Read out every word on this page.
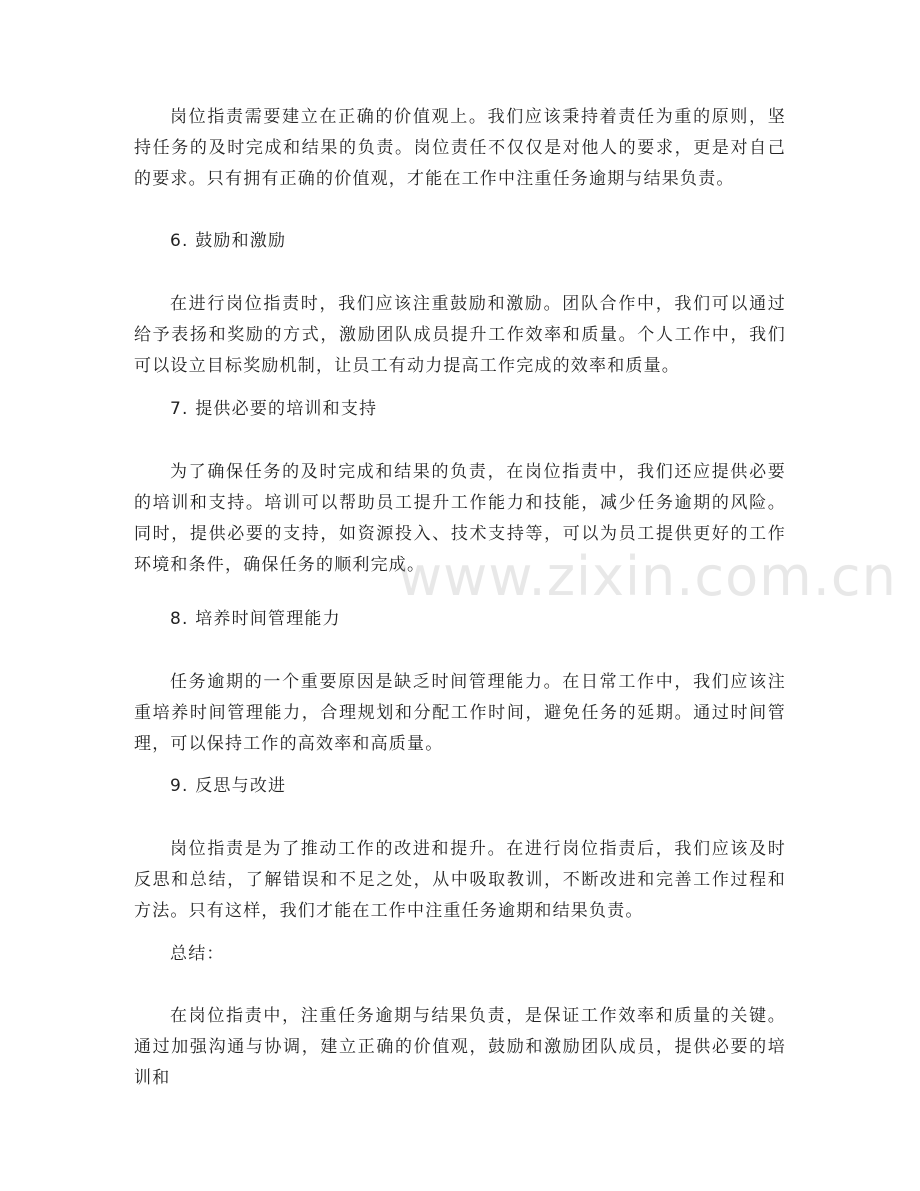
岗位指责需要建立在正确的价值观上。我们应该秉持着责任为重的原则，坚持任务的及时完成和结果的负责。岗位责任不仅仅是对他人的要求，更是对自己的要求。只有拥有正确的价值观，才能在工作中注重任务逾期与结果负责。

6. 鼓励和激励

在进行岗位指责时，我们应该注重鼓励和激励。团队合作中，我们可以通过给予表扬和奖励的方式，激励团队成员提升工作效率和质量。个人工作中，我们可以设立目标奖励机制，让员工有动力提高工作完成的效率和质量。

7. 提供必要的培训和支持

为了确保任务的及时完成和结果的负责，在岗位指责中，我们还应提供必要的培训和支持。培训可以帮助员工提升工作能力和技能，减少任务逾期的风险。同时，提供必要的支持，如资源投入、技术支持等，可以为员工提供更好的工作环境和条件，确保任务的顺利完成。

8. 培养时间管理能力

任务逾期的一个重要原因是缺乏时间管理能力。在日常工作中，我们应该注重培养时间管理能力，合理规划和分配工作时间，避免任务的延期。通过时间管理，可以保持工作的高效率和高质量。

9. 反思与改进

岗位指责是为了推动工作的改进和提升。在进行岗位指责后，我们应该及时反思和总结，了解错误和不足之处，从中吸取教训，不断改进和完善工作过程和方法。只有这样，我们才能在工作中注重任务逾期和结果负责。

总结：

在岗位指责中，注重任务逾期与结果负责，是保证工作效率和质量的关键。通过加强沟通与协调，建立正确的价值观，鼓励和激励团队成员，提供必要的培训和

www.zixin.com.cn
